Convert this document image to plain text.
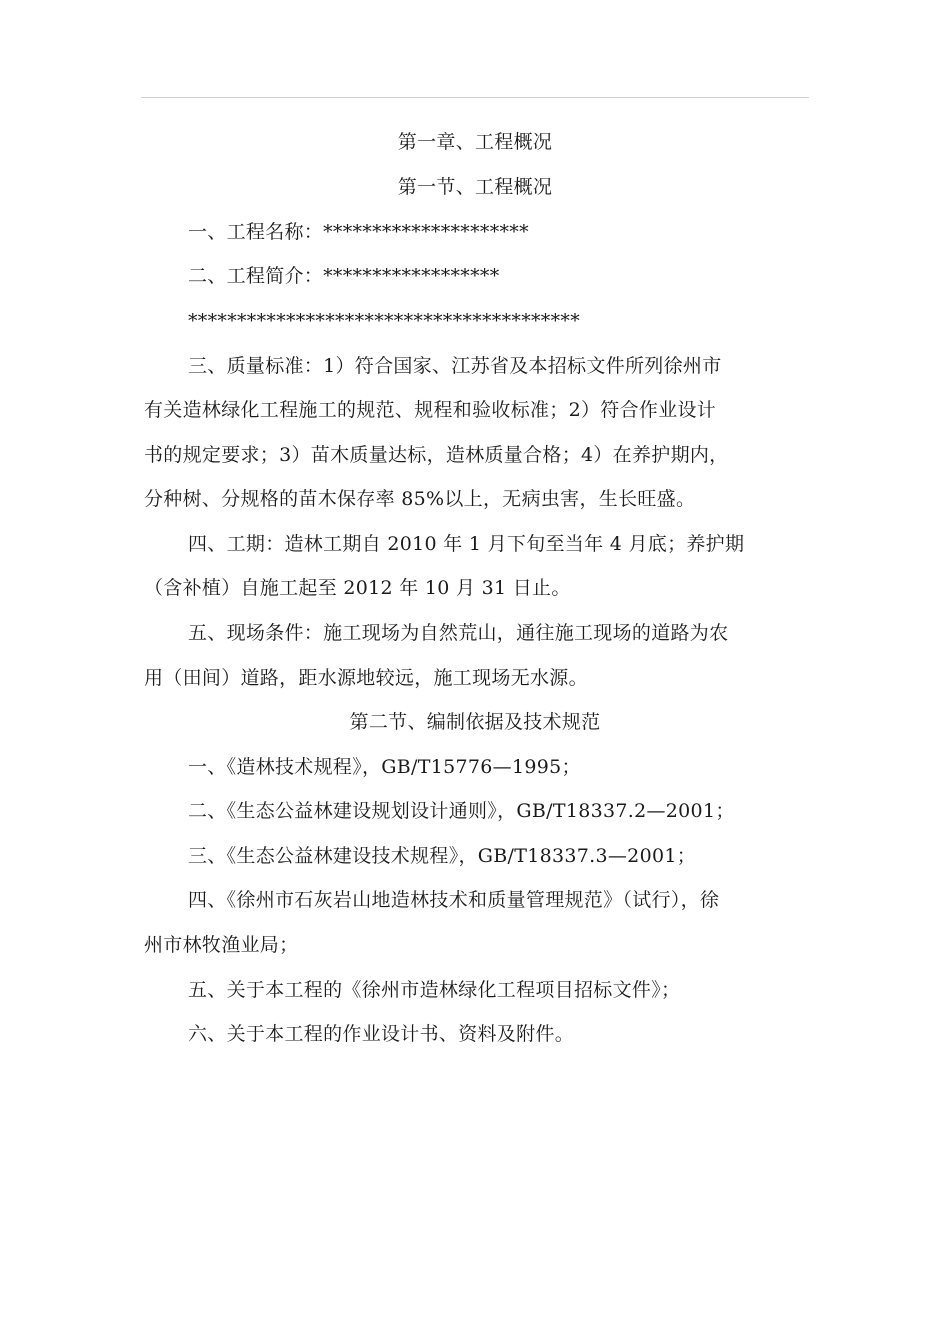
第一章、工程概况
第一节、工程概况
一、工程名称：*********************
二、工程简介：******************
****************************************
三、质量标准：1）符合国家、江苏省及本招标文件所列徐州市
有关造林绿化工程施工的规范、规程和验收标准；2）符合作业设计
书的规定要求；3）苗木质量达标，造林质量合格；4）在养护期内，
分种树、分规格的苗木保存率 85%以上，无病虫害，生长旺盛。
四、工期：造林工期自 2010 年 1 月下旬至当年 4 月底；养护期
（含补植）自施工起至 2012 年 10 月 31 日止。
五、现场条件：施工现场为自然荒山，通往施工现场的道路为农
用（田间）道路，距水源地较远，施工现场无水源。
第二节、编制依据及技术规范
一、《造林技术规程》，GB/T15776—1995；
二、《生态公益林建设规划设计通则》，GB/T18337.2—2001；
三、《生态公益林建设技术规程》，GB/T18337.3—2001；
四、《徐州市石灰岩山地造林技术和质量管理规范》（试行），徐
州市林牧渔业局；
五、关于本工程的《徐州市造林绿化工程项目招标文件》；
六、关于本工程的作业设计书、资料及附件。
